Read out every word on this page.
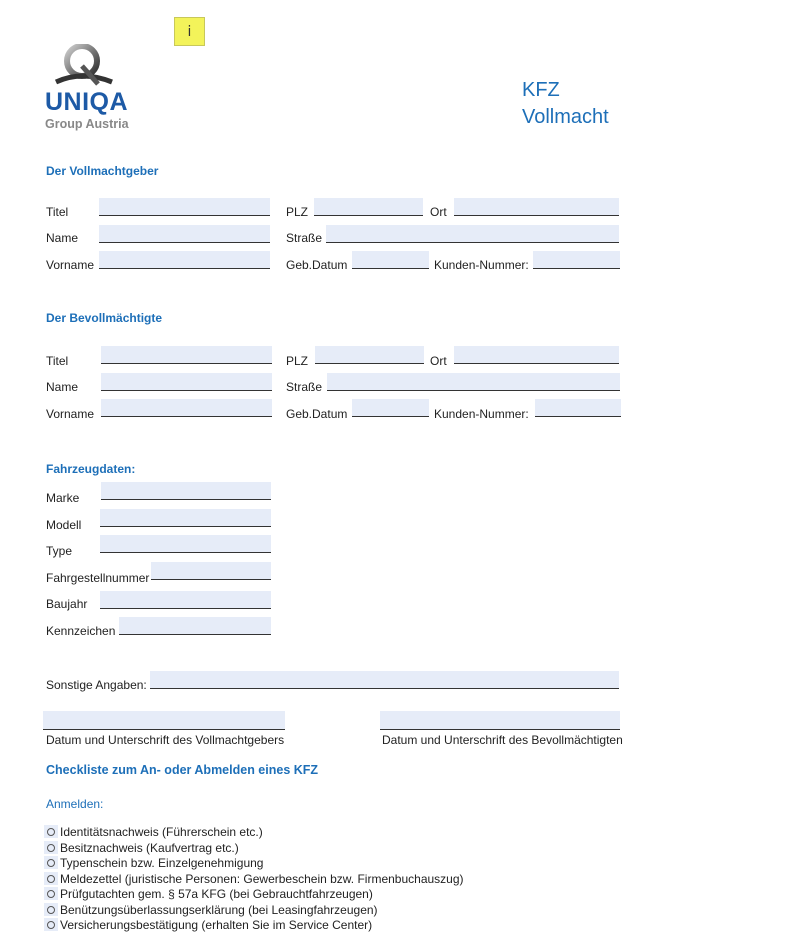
i
UNIQA
Group Austria
KFZ
Vollmacht
Der Vollmachtgeber
Titel	PLZ	Ort
Name	Straße
Vorname	Geb.Datum	Kunden-Nummer:
Der Bevollmächtigte
Titel	PLZ	Ort
Name	Straße
Vorname	Geb.Datum	Kunden-Nummer:
Fahrzeugdaten:
Marke
Modell
Type
Fahrgestellnummer
Baujahr
Kennzeichen
Sonstige Angaben:
Datum und Unterschrift des Vollmachtgebers	Datum und Unterschrift des Bevollmächtigten
Checkliste zum An- oder Abmelden eines KFZ
Anmelden:
Identitätsnachweis (Führerschein etc.)
Besitznachweis (Kaufvertrag etc.)
Typenschein bzw. Einzelgenehmigung
Meldezettel (juristische Personen: Gewerbeschein bzw. Firmenbuchauszug)
Prüfgutachten gem. § 57a KFG (bei Gebrauchtfahrzeugen)
Benützungsüberlassungserklärung (bei Leasingfahrzeugen)
Versicherungsbestätigung (erhalten Sie im Service Center)
